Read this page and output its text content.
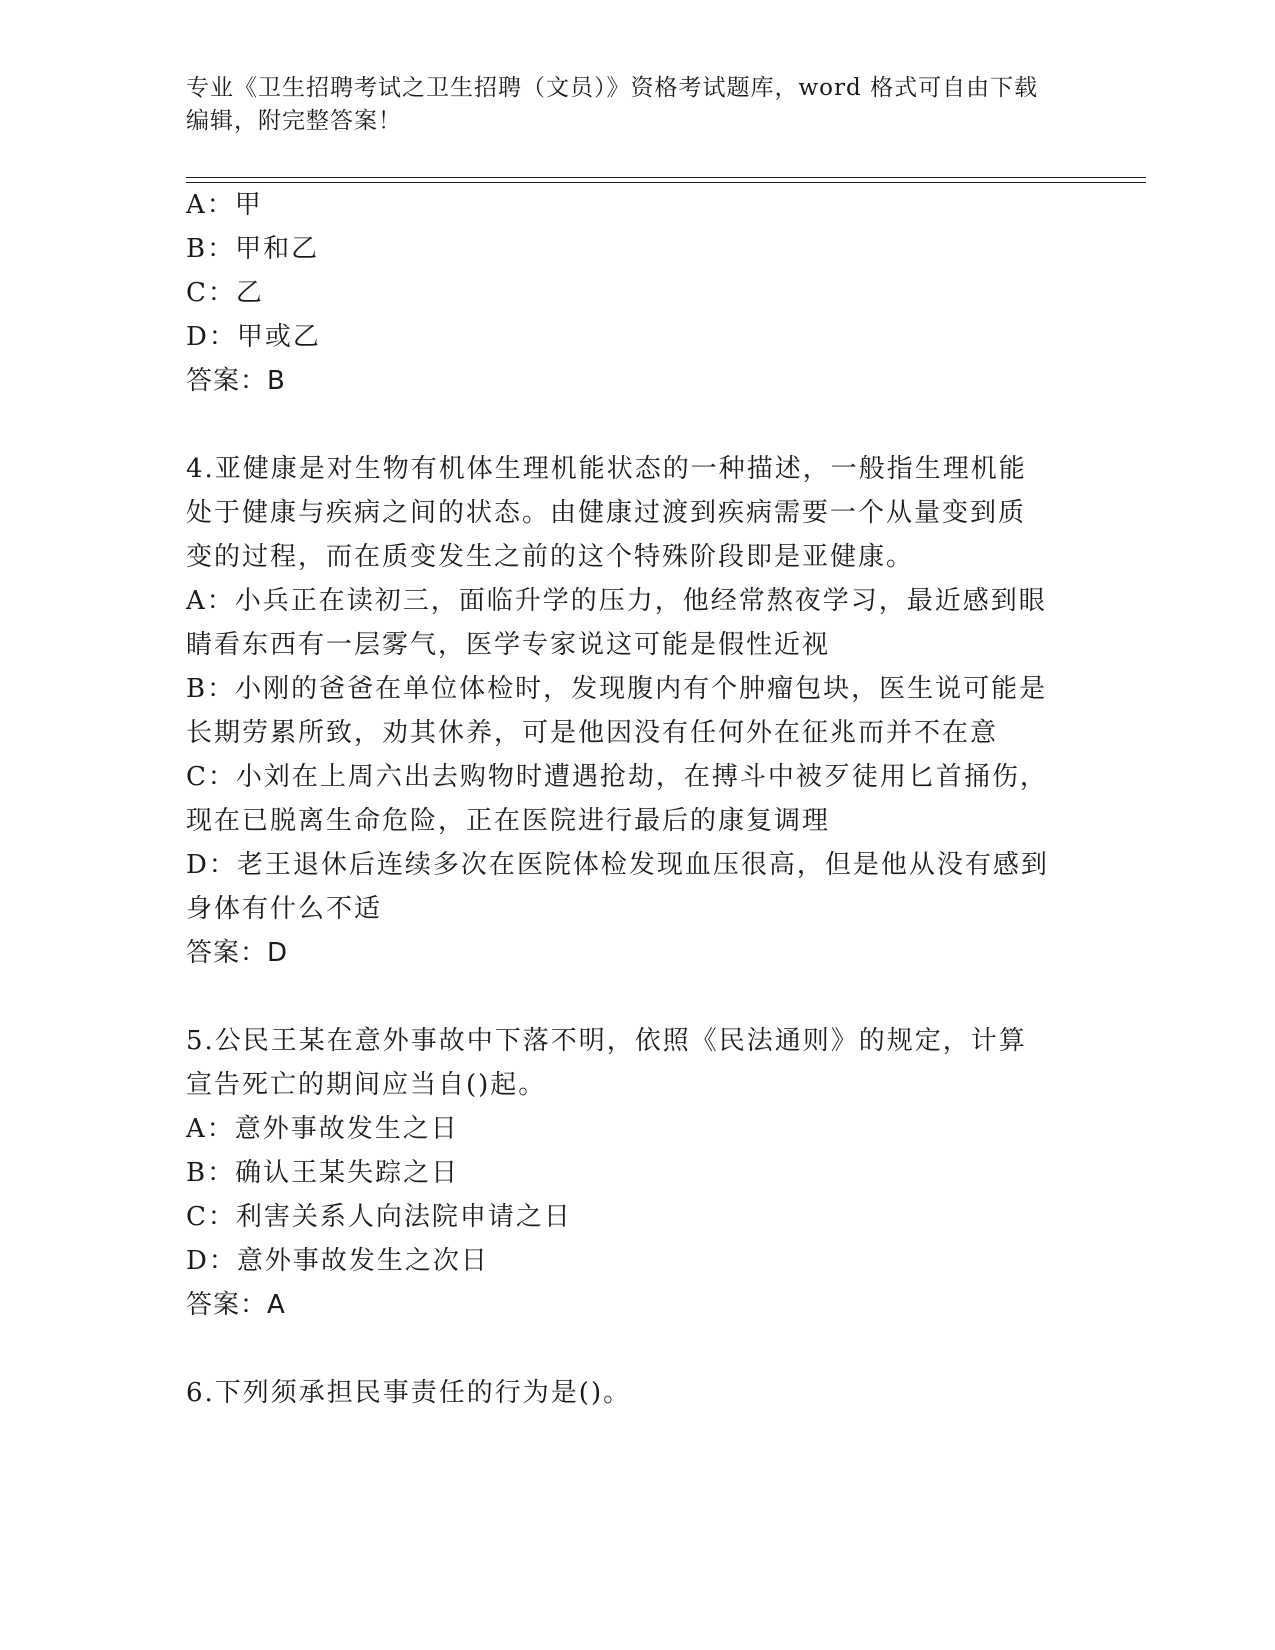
专业《卫生招聘考试之卫生招聘（文员）》资格考试题库，word 格式可自由下载
编辑，附完整答案！
A：甲
B：甲和乙
C：乙
D：甲或乙
答案：B
4.亚健康是对生物有机体生理机能状态的一种描述，一般指生理机能
处于健康与疾病之间的状态。由健康过渡到疾病需要一个从量变到质
变的过程，而在质变发生之前的这个特殊阶段即是亚健康。
A：小兵正在读初三，面临升学的压力，他经常熬夜学习，最近感到眼
睛看东西有一层雾气，医学专家说这可能是假性近视
B：小刚的爸爸在单位体检时，发现腹内有个肿瘤包块，医生说可能是
长期劳累所致，劝其休养，可是他因没有任何外在征兆而并不在意
C：小刘在上周六出去购物时遭遇抢劫，在搏斗中被歹徒用匕首捅伤，
现在已脱离生命危险，正在医院进行最后的康复调理
D：老王退休后连续多次在医院体检发现血压很高，但是他从没有感到
身体有什么不适
答案：D
5.公民王某在意外事故中下落不明，依照《民法通则》的规定，计算
宣告死亡的期间应当自()起。
A：意外事故发生之日
B：确认王某失踪之日
C：利害关系人向法院申请之日
D：意外事故发生之次日
答案：A
6.下列须承担民事责任的行为是()。
